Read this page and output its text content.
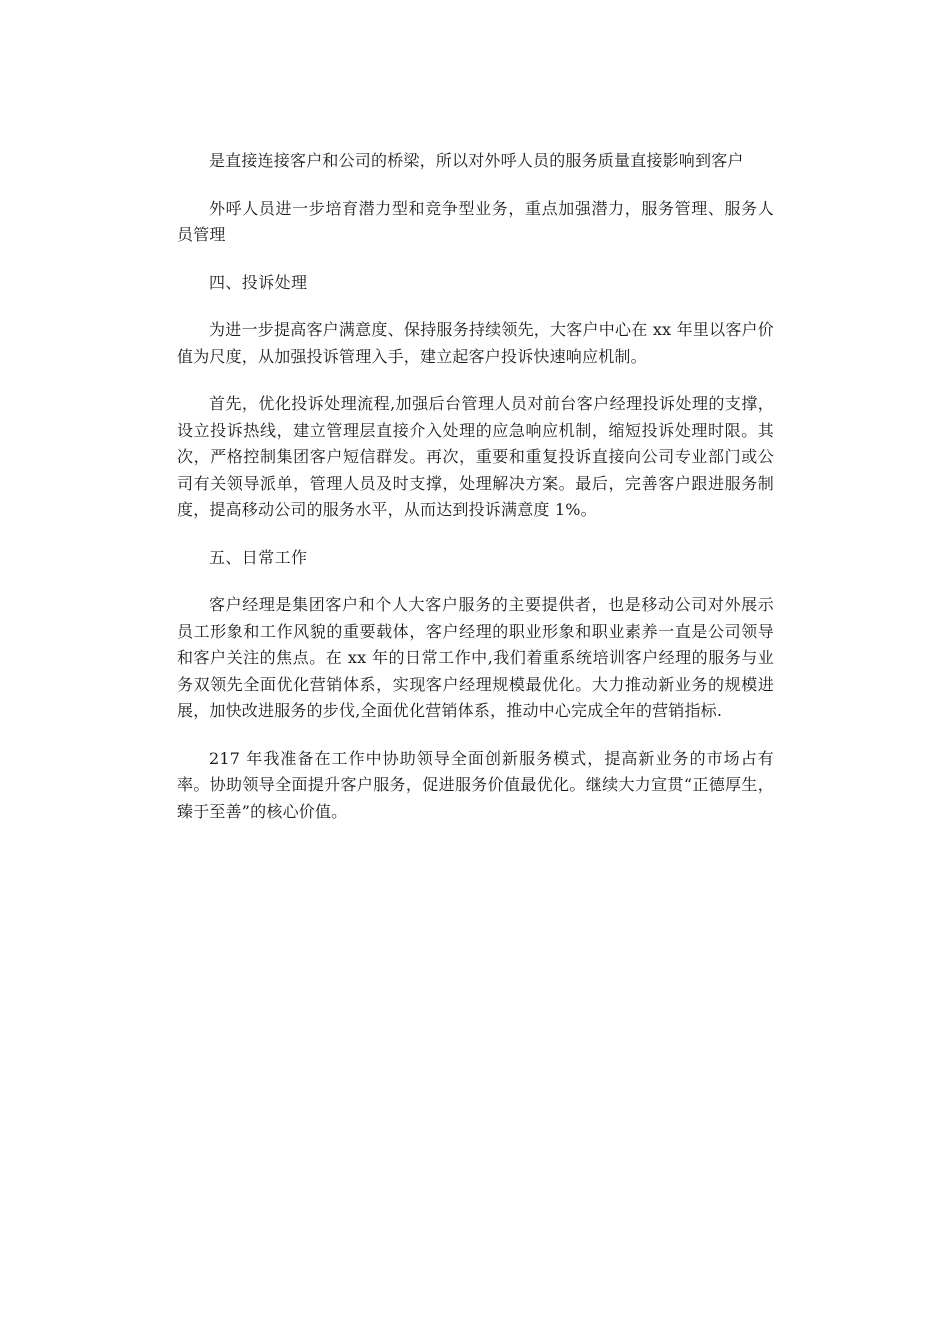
是直接连接客户和公司的桥梁，所以对外呼人员的服务质量直接影响到客户

外呼人员进一步培育潜力型和竞争型业务，重点加强潜力，服务管理、服务人员管理

四、投诉处理

为进一步提高客户满意度、保持服务持续领先，大客户中心在 xx 年里以客户价值为尺度，从加强投诉管理入手，建立起客户投诉快速响应机制。

首先，优化投诉处理流程,加强后台管理人员对前台客户经理投诉处理的支撑，设立投诉热线，建立管理层直接介入处理的应急响应机制，缩短投诉处理时限。其次，严格控制集团客户短信群发。再次，重要和重复投诉直接向公司专业部门或公司有关领导派单，管理人员及时支撑，处理解决方案。最后，完善客户跟进服务制度，提高移动公司的服务水平，从而达到投诉满意度 1%。

五、日常工作

客户经理是集团客户和个人大客户服务的主要提供者，也是移动公司对外展示员工形象和工作风貌的重要载体，客户经理的职业形象和职业素养一直是公司领导和客户关注的焦点。在 xx 年的日常工作中,我们着重系统培训客户经理的服务与业务双领先全面优化营销体系，实现客户经理规模最优化。大力推动新业务的规模进展，加快改进服务的步伐,全面优化营销体系，推动中心完成全年的营销指标.

217 年我准备在工作中协助领导全面创新服务模式，提高新业务的市场占有率。协助领导全面提升客户服务，促进服务价值最优化。继续大力宣贯“正德厚生，臻于至善”的核心价值。
